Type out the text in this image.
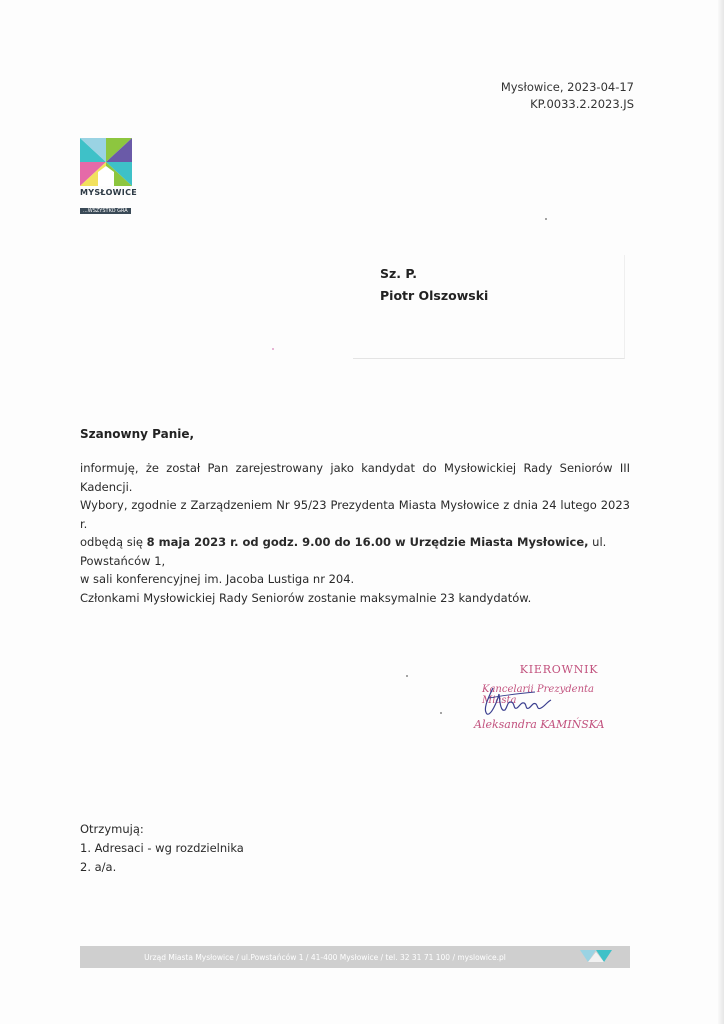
Mysłowice, 2023-04-17
KP.0033.2.2023.JS
MYSŁOWICE
...WSZYSTKO GRA
Sz. P.
Piotr Olszowski
Szanowny Panie,

informuję, że został Pan zarejestrowany jako kandydat do Mysłowickiej Rady Seniorów III Kadencji.

Wybory, zgodnie z Zarządzeniem Nr 95/23 Prezydenta Miasta Mysłowice z dnia 24 lutego 2023 r.

odbędą się 8 maja 2023 r. od godz. 9.00 do 16.00 w Urzędzie Miasta Mysłowice, ul. Powstańców 1,

w sali konferencyjnej im. Jacoba Lustiga nr 204.

Członkami Mysłowickiej Rady Seniorów zostanie maksymalnie 23 kandydatów.

KIEROWNIK
Kancelarii Prezydenta Miasta
Aleksandra KAMIŃSKA

Otrzymują:

1. Adresaci - wg rozdzielnika

2. a/a.

Urząd Miasta Mysłowice / ul.Powstańców 1 / 41-400 Mysłowice / tel. 32 31 71 100 / myslowice.pl
